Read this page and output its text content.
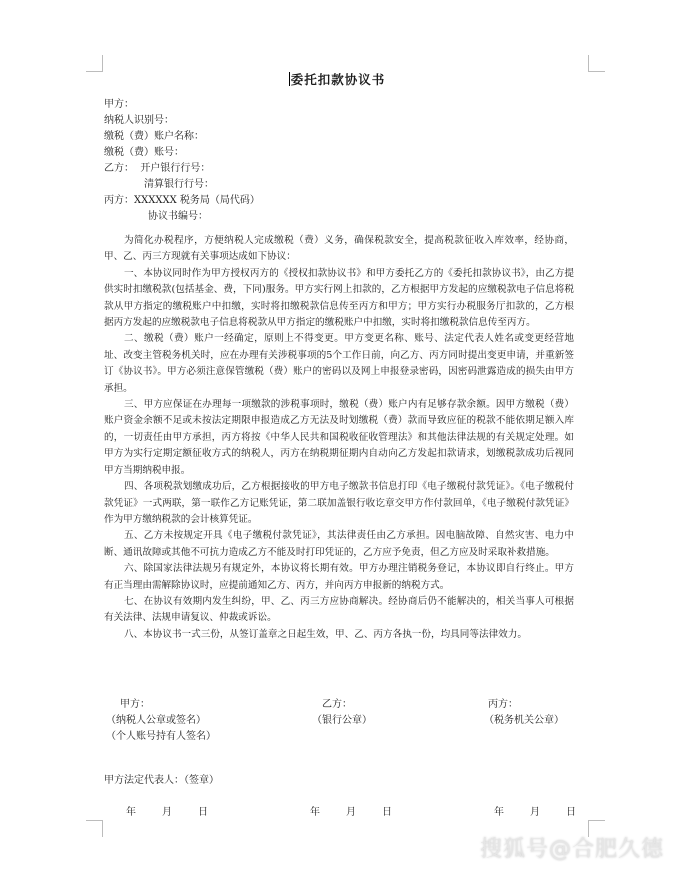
委托扣款协议书
甲方：
纳税人识别号：
缴税（费）账户名称：
缴税（费）账号：
乙方： 开户银行行号：
清算银行行号：
丙方：XXXXXX 税务局（局代码）
协议书编号：

为简化办税程序，方便纳税人完成缴税（费）义务，确保税款安全，提高税款征收入库效率，经协商，甲、乙、丙三方现就有关事项达成如下协议：

一、本协议同时作为甲方授权丙方的《授权扣款协议书》和甲方委托乙方的《委托扣款协议书》，由乙方提供实时扣缴税款(包括基金、费，下同)服务。甲方实行网上扣款的，乙方根据甲方发起的应缴税款电子信息将税款从甲方指定的缴税账户中扣缴，实时将扣缴税款信息传至丙方和甲方；甲方实行办税服务厅扣款的，乙方根据丙方发起的应缴税款电子信息将税款从甲方指定的缴税账户中扣缴，实时将扣缴税款信息传至丙方。

二、缴税（费）账户一经确定，原则上不得变更。甲方变更名称、账号、法定代表人姓名或变更经营地址、改变主管税务机关时，应在办理有关涉税事项的5个工作日前，向乙方、丙方同时提出变更申请，并重新签订《协议书》。甲方必须注意保管缴税（费）账户的密码以及网上申报登录密码，因密码泄露造成的损失由甲方承担。

三、甲方应保证在办理每一项缴款的涉税事项时，缴税（费）账户内有足够存款余额。因甲方缴税（费）账户资金余额不足或未按法定期限申报造成乙方无法及时划缴税（费）款而导致应征的税款不能依期足额入库的，一切责任由甲方承担，丙方将按《中华人民共和国税收征收管理法》和其他法律法规的有关规定处理。如甲方为实行定期定额征收方式的纳税人，丙方在纳税期征期内自动向乙方发起扣款请求，划缴税款成功后视同甲方当期纳税申报。

四、各项税款划缴成功后，乙方根据接收的甲方电子缴款书信息打印《电子缴税付款凭证》。《电子缴税付款凭证》一式两联，第一联作乙方记账凭证，第二联加盖银行收讫章交甲方作付款回单，《电子缴税付款凭证》作为甲方缴纳税款的会计核算凭证。

五、乙方未按规定开具《电子缴税付款凭证》，其法律责任由乙方承担。因电脑故障、自然灾害、电力中断、通讯故障或其他不可抗力造成乙方不能及时打印凭证的，乙方应予免责，但乙方应及时采取补救措施。

六、除国家法律法规另有规定外，本协议将长期有效。甲方办理注销税务登记，本协议即自行终止。甲方有正当理由需解除协议时，应提前通知乙方、丙方，并向丙方申报新的纳税方式。

七、在协议有效期内发生纠纷，甲、乙、丙三方应协商解决。经协商后仍不能解决的，相关当事人可根据有关法律、法规申请复议、仲裁或诉讼。

八、本协议书一式三份，从签订盖章之日起生效，甲、乙、丙方各执一份，均具同等法律效力。

甲方：
（纳税人公章或签名）
（个人账号持有人签名）
乙方：
（银行公章）
丙方：
（税务机关公章）
甲方法定代表人：（签章）
年　月　日	年　月　日	年　月　日
搜狐号@合肥久德
